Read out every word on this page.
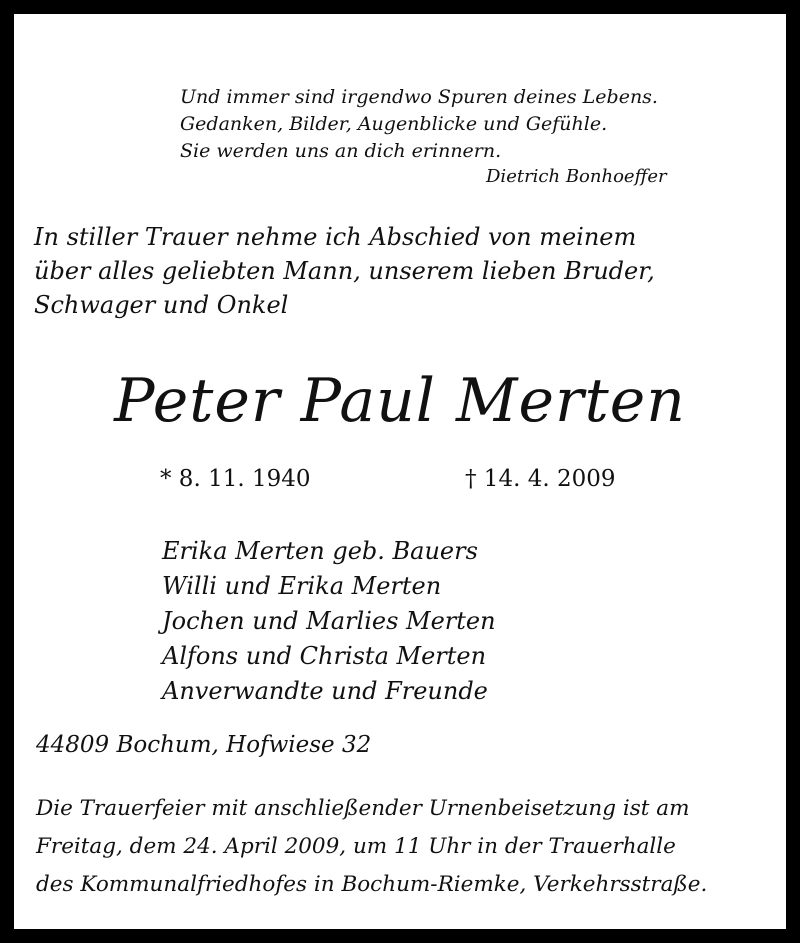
Und immer sind irgendwo Spuren deines Lebens.
Gedanken, Bilder, Augenblicke und Gefühle.
Sie werden uns an dich erinnern.
Dietrich Bonhoeffer
In stiller Trauer nehme ich Abschied von meinem
über alles geliebten Mann, unserem lieben Bruder,
Schwager und Onkel
Peter Paul Merten
* 8. 11. 1940	† 14. 4. 2009
Erika Merten geb. Bauers
Willi und Erika Merten
Jochen und Marlies Merten
Alfons und Christa Merten
Anverwandte und Freunde
44809 Bochum, Hofwiese 32
Die Trauerfeier mit anschließender Urnenbeisetzung ist am
Freitag, dem 24. April 2009, um 11 Uhr in der Trauerhalle
des Kommunalfriedhofes in Bochum-Riemke, Verkehrsstraße.
